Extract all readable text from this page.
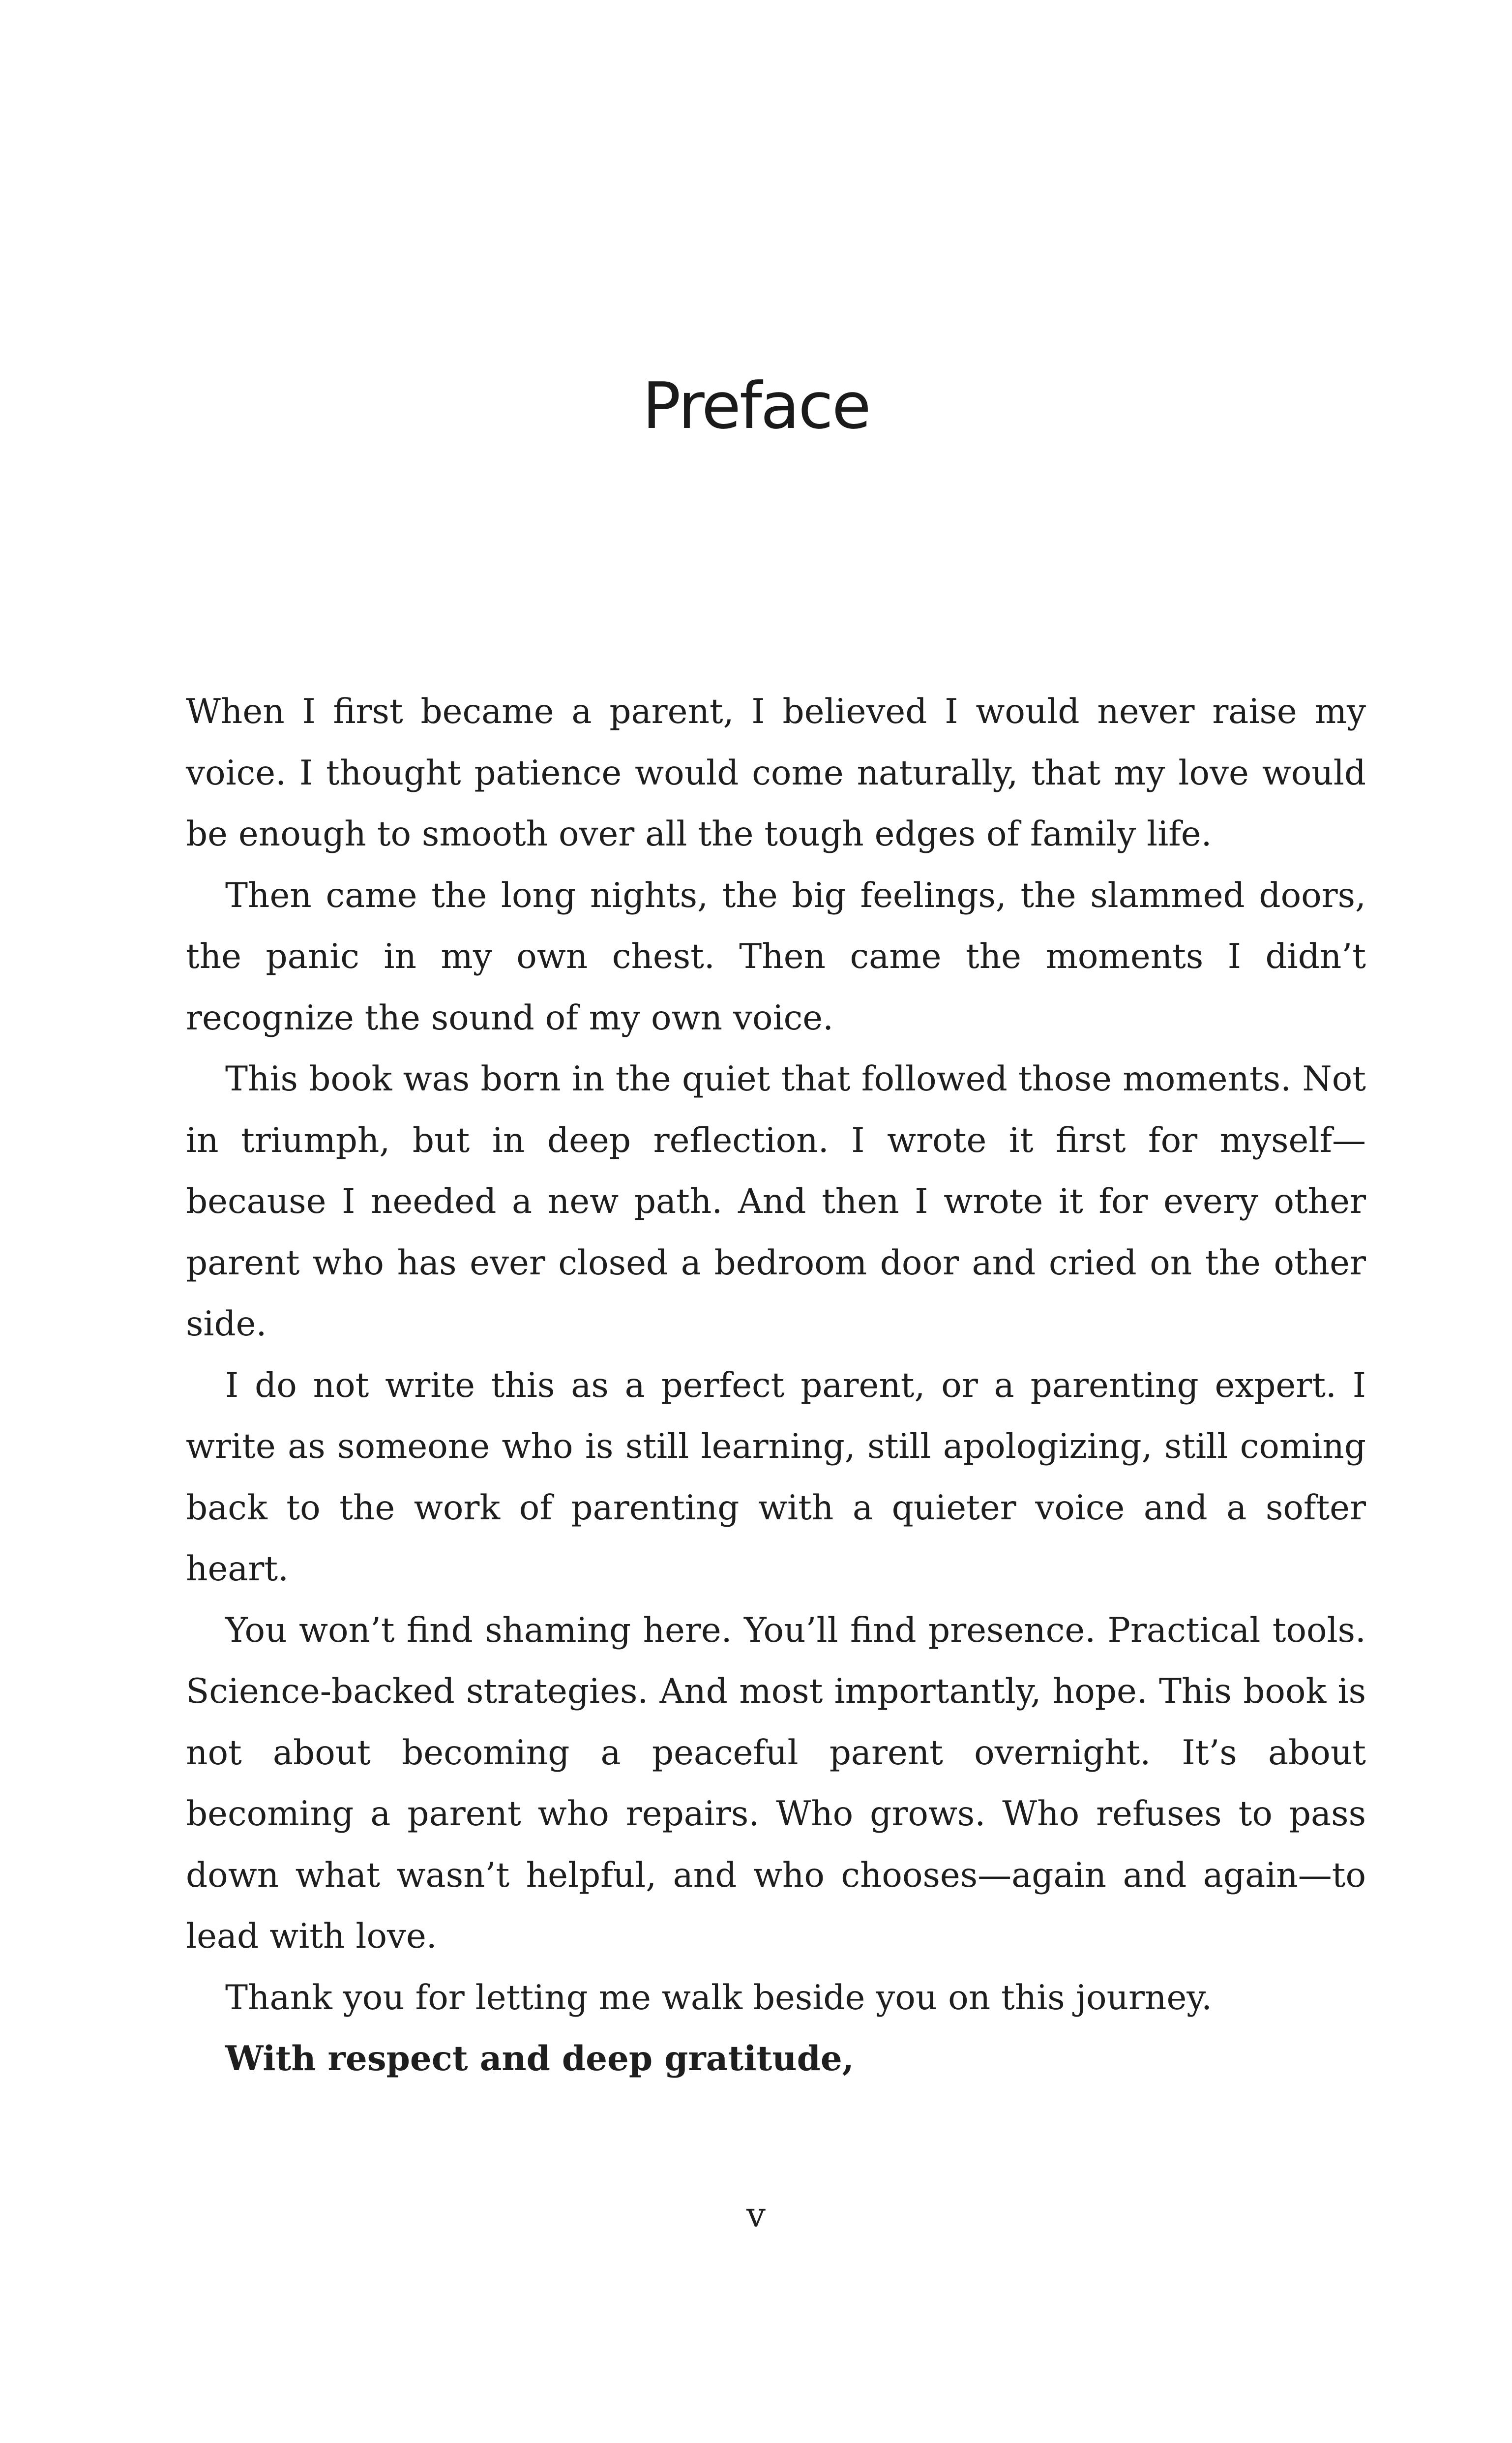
Preface

When I first became a parent, I believed I would never raise my voice. I thought patience would come naturally, that my love would be enough to smooth over all the tough edges of family life.

Then came the long nights, the big feelings, the slammed doors, the panic in my own chest. Then came the moments I didn’t recognize the sound of my own voice.

This book was born in the quiet that followed those moments. Not in triumph, but in deep reflection. I wrote it first for myself—because I needed a new path. And then I wrote it for every other parent who has ever closed a bedroom door and cried on the other side.

I do not write this as a perfect parent, or a parenting expert. I write as someone who is still learning, still apologizing, still coming back to the work of parenting with a quieter voice and a softer heart.

You won’t find shaming here. You’ll find presence. Practical tools. Science-backed strategies. And most importantly, hope. This book is not about becoming a peaceful parent overnight. It’s about becoming a parent who repairs. Who grows. Who refuses to pass down what wasn’t helpful, and who chooses—again and again—to lead with love.

Thank you for letting me walk beside you on this journey.

With respect and deep gratitude,

v
